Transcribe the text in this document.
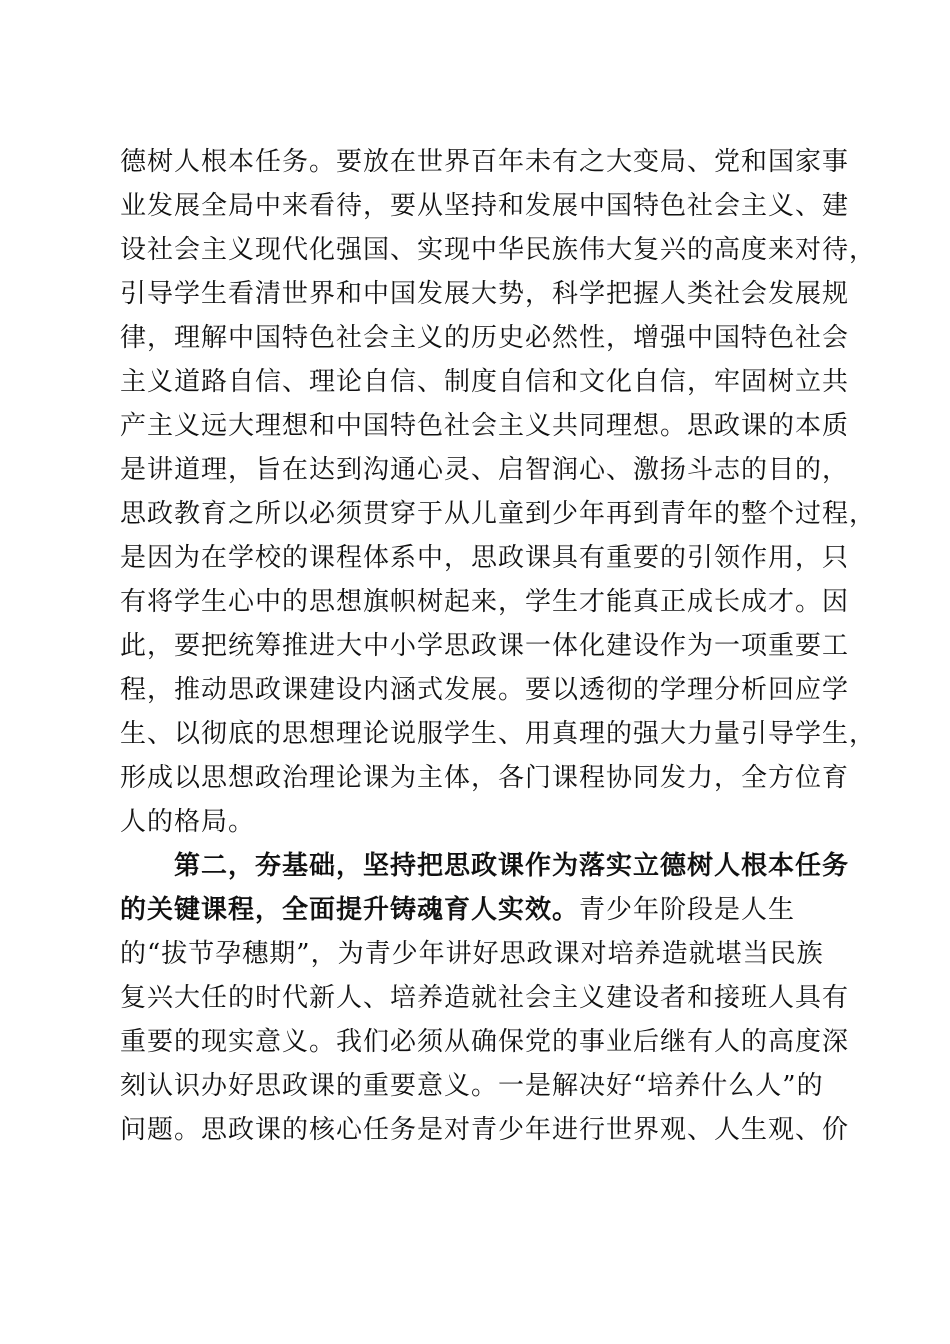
德树人根本任务。要放在世界百年未有之大变局、党和国家事
业发展全局中来看待，要从坚持和发展中国特色社会主义、建
设社会主义现代化强国、实现中华民族伟大复兴的高度来对待，
引导学生看清世界和中国发展大势，科学把握人类社会发展规
律，理解中国特色社会主义的历史必然性，增强中国特色社会
主义道路自信、理论自信、制度自信和文化自信，牢固树立共
产主义远大理想和中国特色社会主义共同理想。思政课的本质
是讲道理，旨在达到沟通心灵、启智润心、激扬斗志的目的，
思政教育之所以必须贯穿于从儿童到少年再到青年的整个过程，
是因为在学校的课程体系中，思政课具有重要的引领作用，只
有将学生心中的思想旗帜树起来，学生才能真正成长成才。因
此，要把统筹推进大中小学思政课一体化建设作为一项重要工
程，推动思政课建设内涵式发展。要以透彻的学理分析回应学
生、以彻底的思想理论说服学生、用真理的强大力量引导学生，
形成以思想政治理论课为主体，各门课程协同发力，全方位育
人的格局。
第二，夯基础，坚持把思政课作为落实立德树人根本任务
的关键课程，全面提升铸魂育人实效。青少年阶段是人生
的“拔节孕穗期”，为青少年讲好思政课对培养造就堪当民族
复兴大任的时代新人、培养造就社会主义建设者和接班人具有
重要的现实意义。我们必须从确保党的事业后继有人的高度深
刻认识办好思政课的重要意义。一是解决好“培养什么人”的
问题。思政课的核心任务是对青少年进行世界观、人生观、价
